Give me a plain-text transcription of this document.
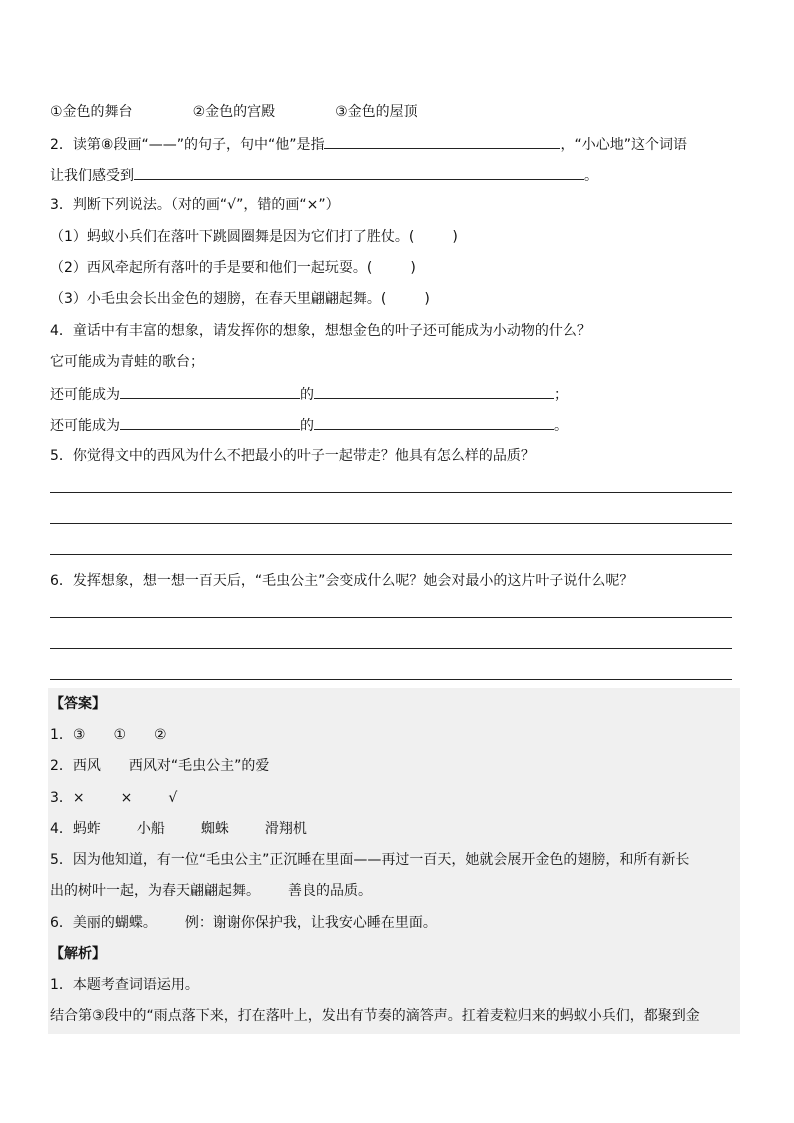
①金色的舞台	②金色的宫殿	③金色的屋顶
2．读第⑧段画“——”的句子，句中“他”是指	，“小心地”这个词语
让我们感受到	。
3．判断下列说法。（对的画“√”，错的画“×”）
（1）蚂蚁小兵们在落叶下跳圆圈舞是因为它们打了胜仗。(	)
（2）西风牵起所有落叶的手是要和他们一起玩耍。(	)
（3）小毛虫会长出金色的翅膀，在春天里翩翩起舞。(	)
4．童话中有丰富的想象，请发挥你的想象，想想金色的叶子还可能成为小动物的什么？
它可能成为青蛙的歌台；
还可能成为	的	；
还可能成为	的	。
5．你觉得文中的西风为什么不把最小的叶子一起带走？他具有怎么样的品质？
6．发挥想象，想一想一百天后，“毛虫公主”会变成什么呢？她会对最小的这片叶子说什么呢？
【答案】
1．③ ① ②
2．西风 西风对“毛虫公主”的爱
3．×	×	√
4．蚂蚱	小船	蜘蛛	滑翔机
5．因为他知道，有一位“毛虫公主”正沉睡在里面——再过一百天，她就会展开金色的翅膀，和所有新长
出的树叶一起，为春天翩翩起舞。 善良的品质。
6．美丽的蝴蝶。 例：谢谢你保护我，让我安心睡在里面。
【解析】
1．本题考查词语运用。
结合第③段中的“雨点落下来，打在落叶上，发出有节奏的滴答声。扛着麦粒归来的蚂蚁小兵们，都聚到金
